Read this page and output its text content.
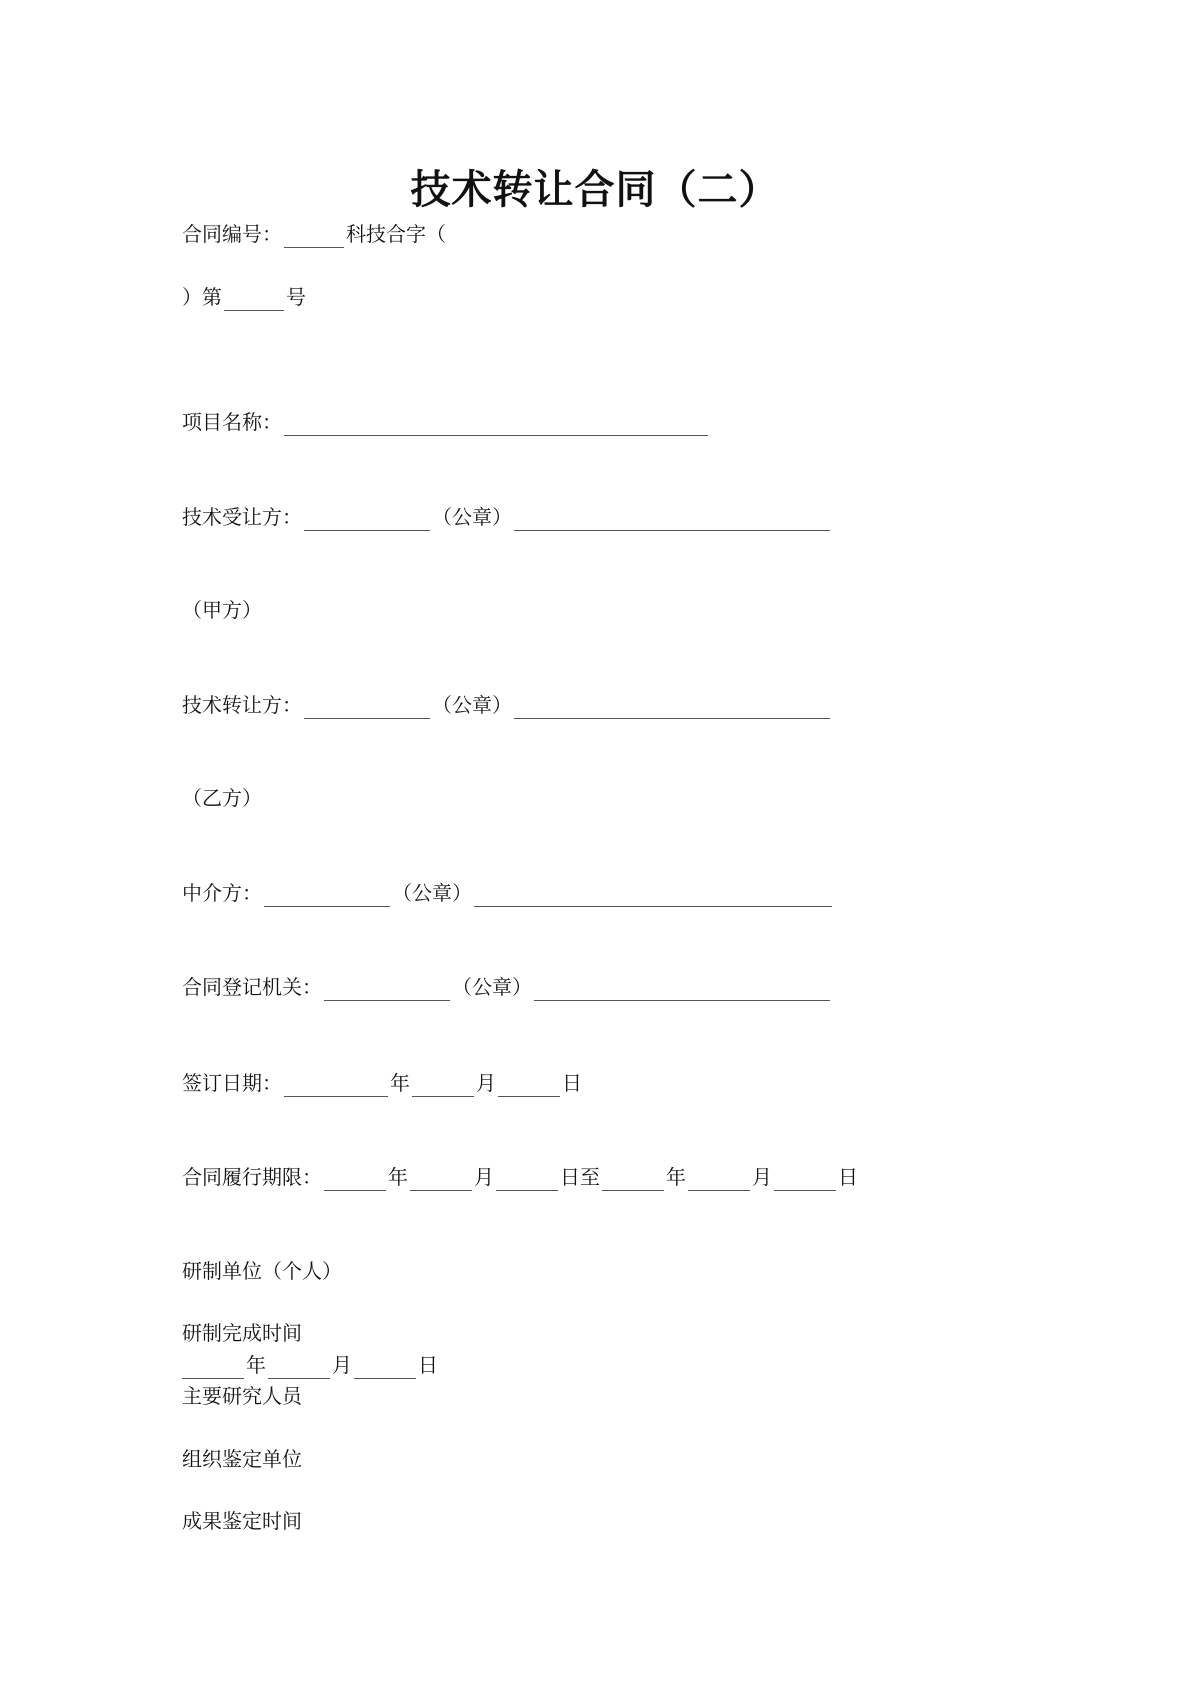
技术转让合同（二）
合同编号：	科技合字（
）第	号
项目名称：
技术受让方：	（公章）
（甲方）
技术转让方：	（公章）
（乙方）
中介方：	（公章）
合同登记机关：	（公章）
签订日期：	年	月	日
合同履行期限：	年	月	日至	年	月	日
研制单位（个人）
研制完成时间
年	月	日
主要研究人员
组织鉴定单位
成果鉴定时间
